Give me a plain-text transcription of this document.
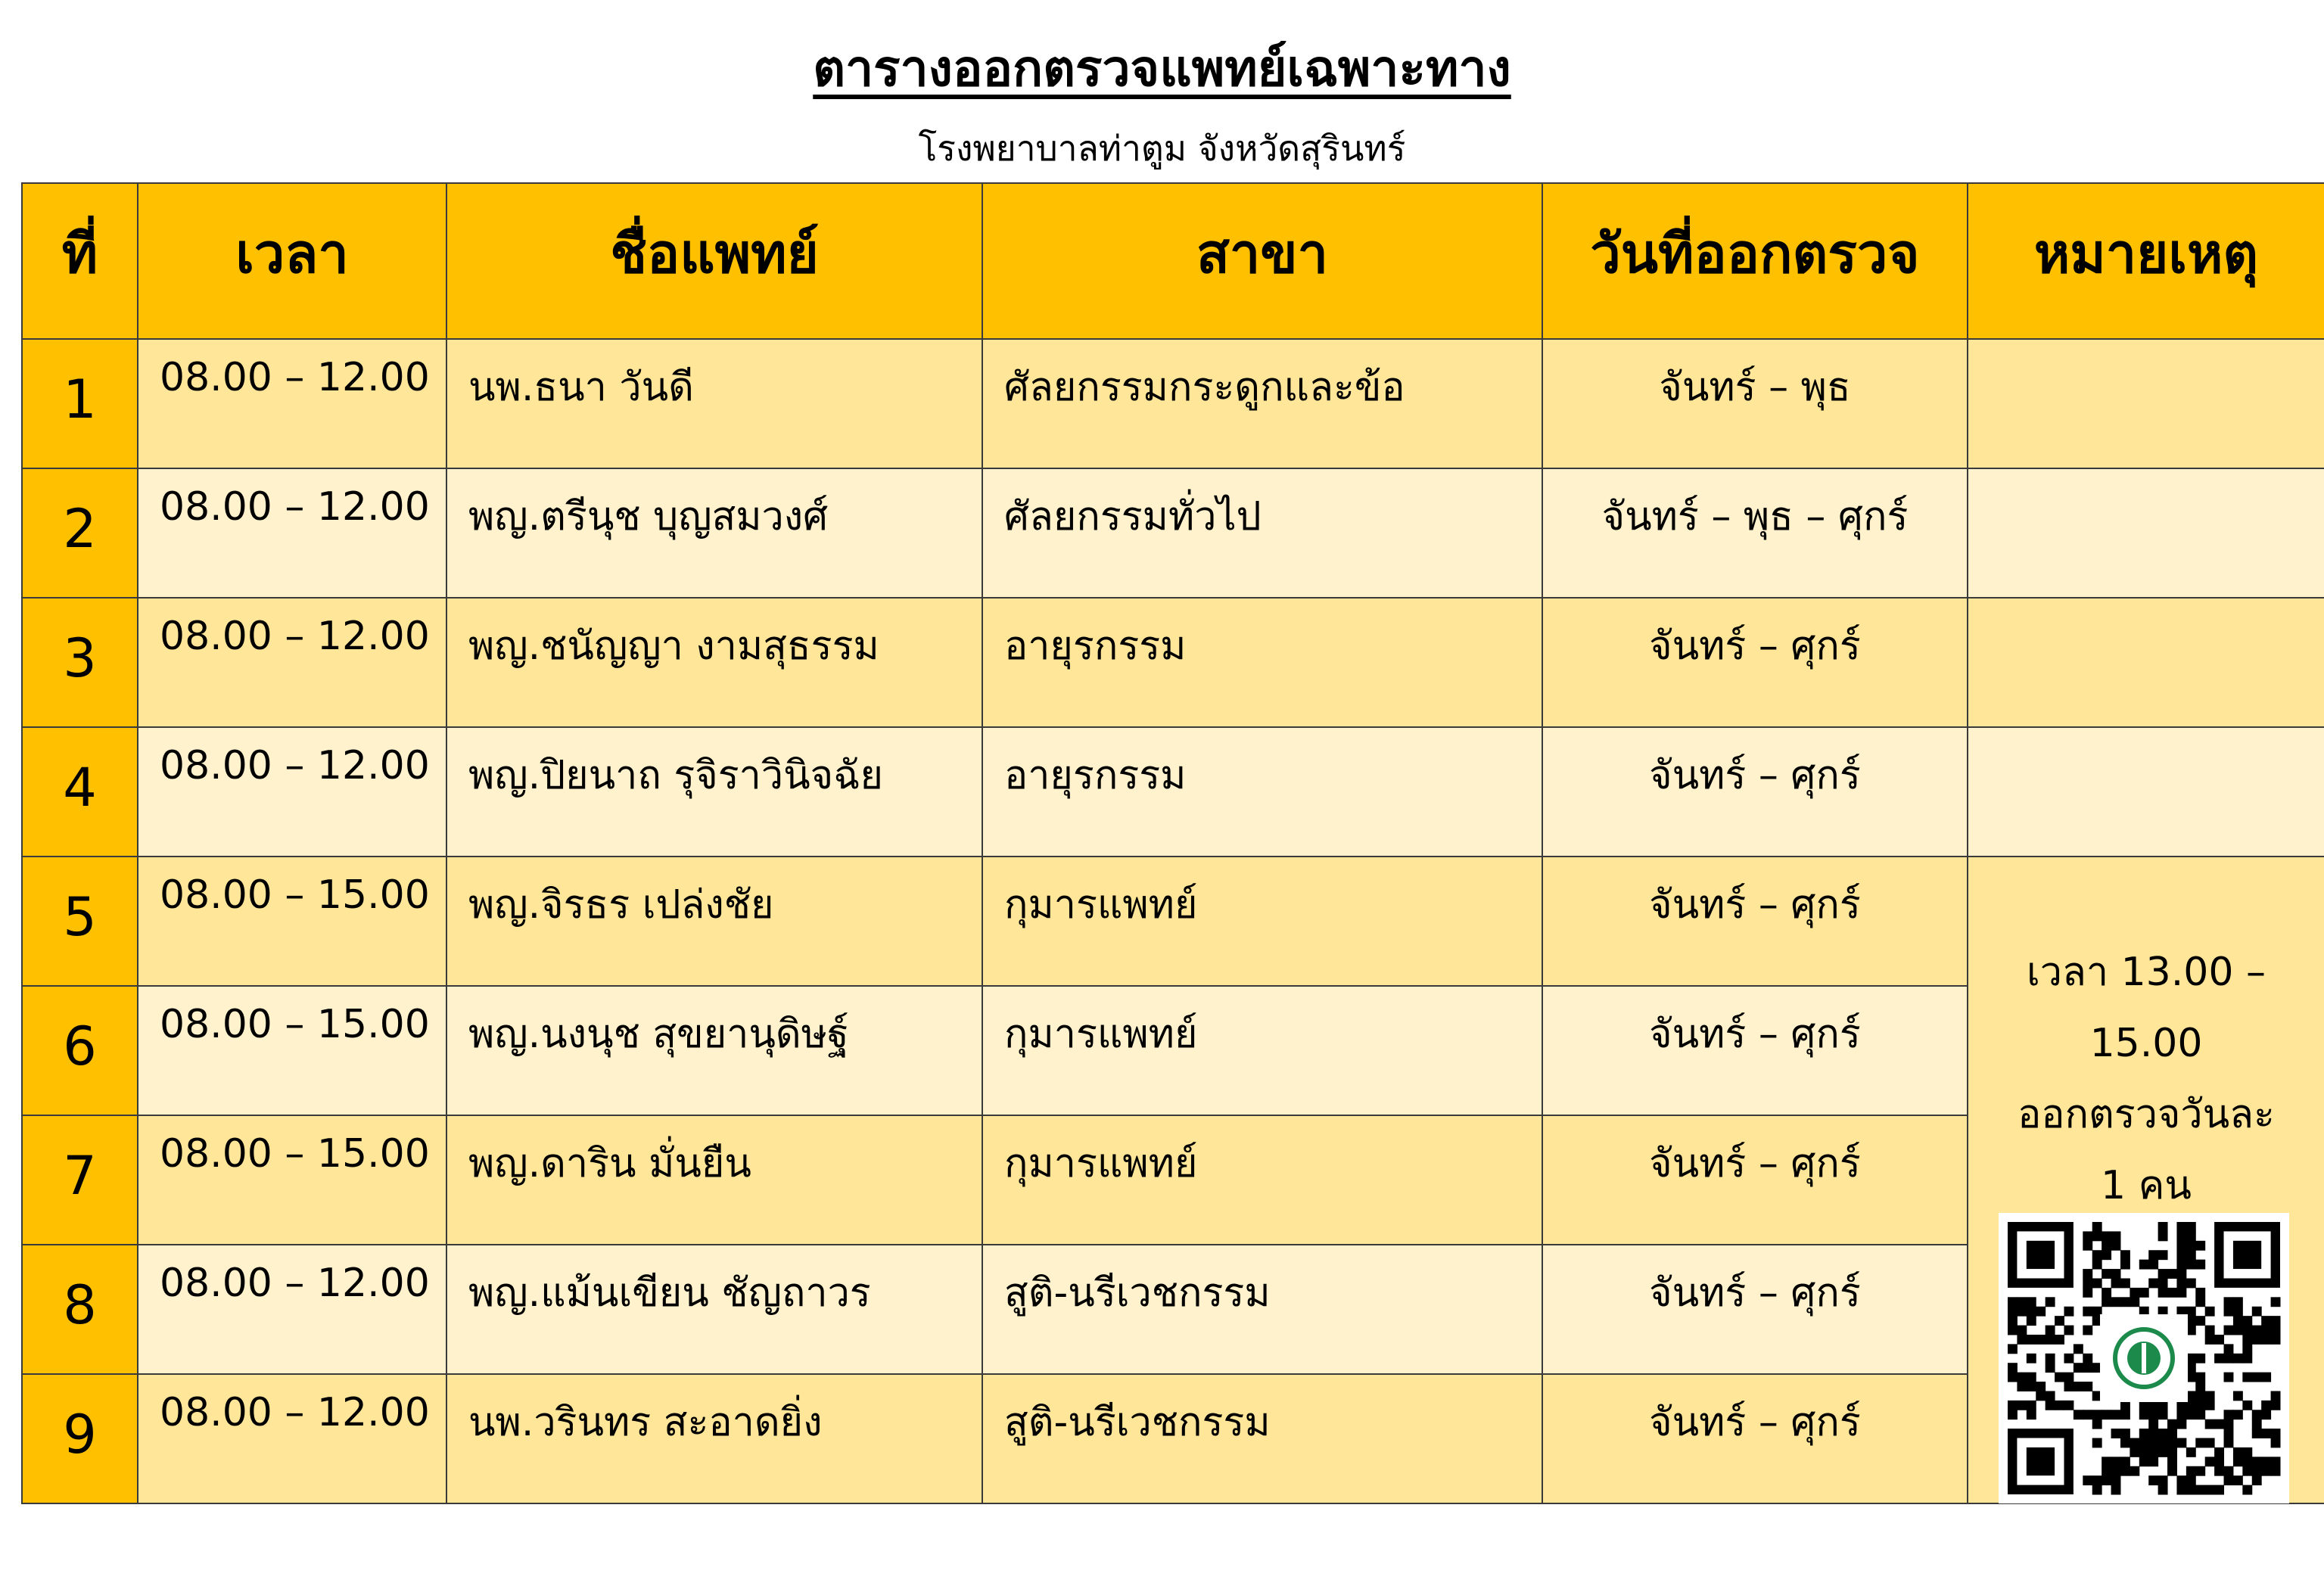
ตารางออกตรวจแพทย์เฉพาะทาง
โรงพยาบาลท่าตูม จังหวัดสุรินทร์
ที่	เวลา	ชื่อแพทย์	สาขา	วันที่ออกตรวจ	หมายเหตุ
1	08.00 – 12.00	นพ.ธนา วันดี	ศัลยกรรมกระดูกและข้อ	จันทร์ – พุธ	
2	08.00 – 12.00	พญ.ตรีนุช บุญสมวงศ์	ศัลยกรรมทั่วไป	จันทร์ – พุธ – ศุกร์	
3	08.00 – 12.00	พญ.ชนัญญา งามสุธรรม	อายุรกรรม	จันทร์ – ศุกร์	
4	08.00 – 12.00	พญ.ปิยนาถ รุจิราวินิจฉัย	อายุรกรรม	จันทร์ – ศุกร์	
5	08.00 – 15.00	พญ.จิรธร เปล่งชัย	กุมารแพทย์	จันทร์ – ศุกร์	เวลา 13.00 –
15.00
ออกตรวจวันละ
1 คน

6	08.00 – 15.00	พญ.นงนุช สุขยานุดิษฐ์	กุมารแพทย์	จันทร์ – ศุกร์	
7	08.00 – 15.00	พญ.ดาริน มั่นยืน	กุมารแพทย์	จันทร์ – ศุกร์	
8	08.00 – 12.00	พญ.แม้นเขียน ชัญถาวร	สูติ-นรีเวชกรรม	จันทร์ – ศุกร์	
9	08.00 – 12.00	นพ.วรินทร สะอาดยิ่ง	สูติ-นรีเวชกรรม	จันทร์ – ศุกร์	
